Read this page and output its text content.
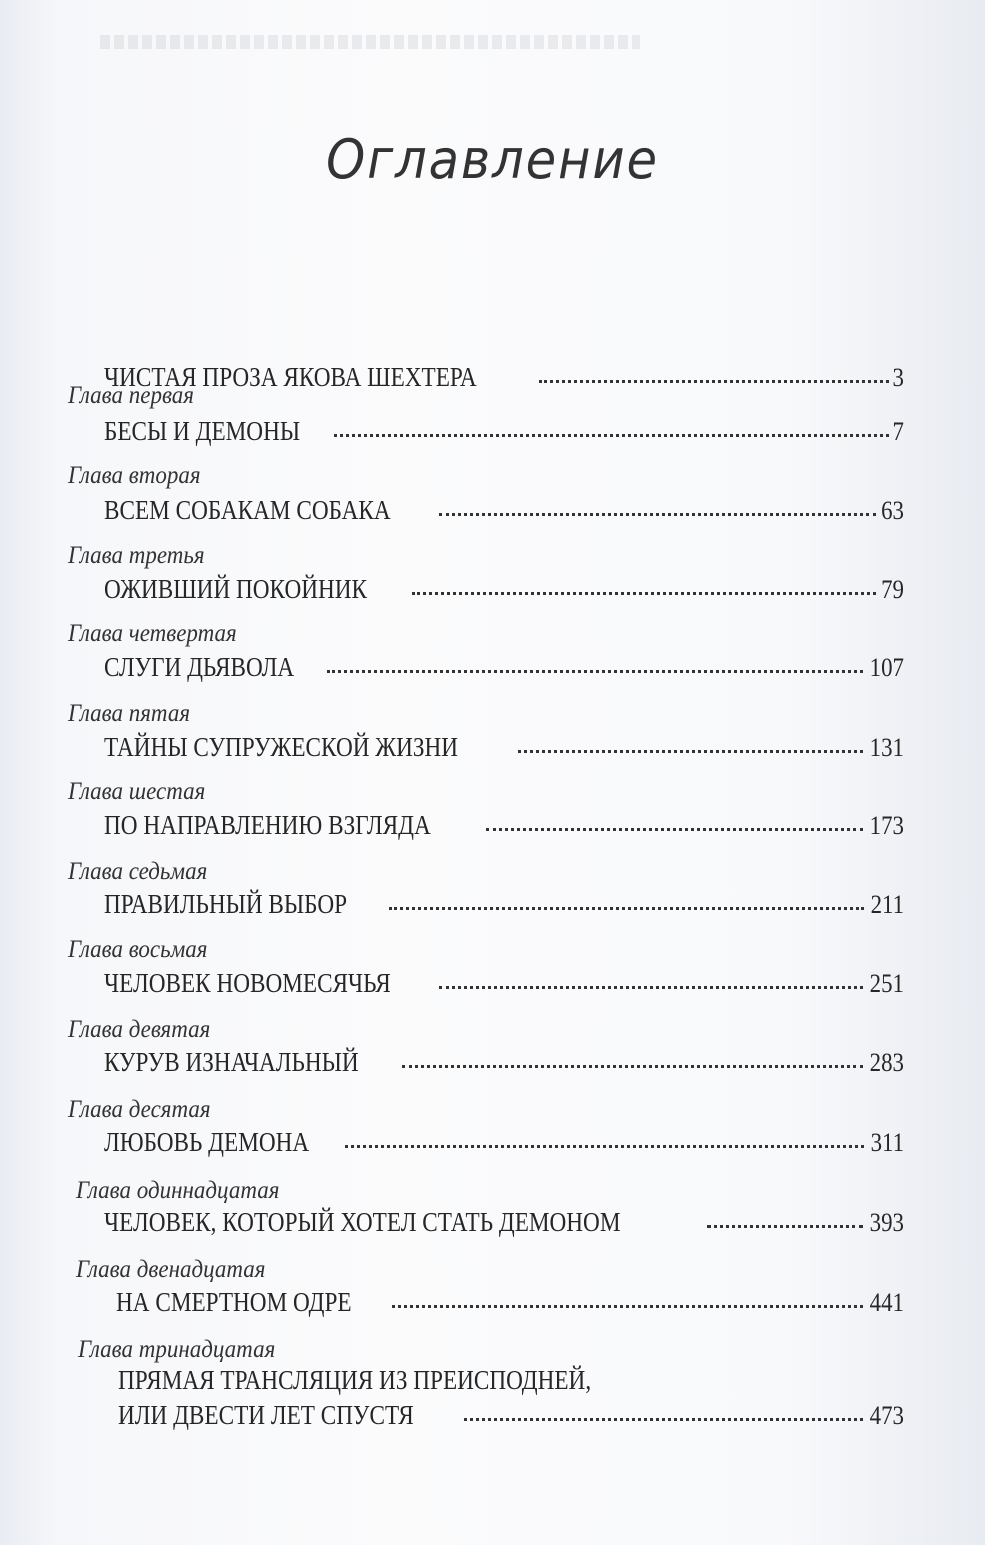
Оглавление
ЧИСТАЯ ПРОЗА ЯКОВА ШЕХТЕРА	3
Глава первая
БЕСЫ И ДЕМОНЫ	7
Глава вторая
ВСЕМ СОБАКАМ СОБАКА	63
Глава третья
ОЖИВШИЙ ПОКОЙНИК	79
Глава четвертая
СЛУГИ ДЬЯВОЛА	107
Глава пятая
ТАЙНЫ СУПРУЖЕСКОЙ ЖИЗНИ	131
Глава шестая
ПО НАПРАВЛЕНИЮ ВЗГЛЯДА	173
Глава седьмая
ПРАВИЛЬНЫЙ ВЫБОР	211
Глава восьмая
ЧЕЛОВЕК НОВОМЕСЯЧЬЯ	251
Глава девятая
КУРУВ ИЗНАЧАЛЬНЫЙ	283
Глава десятая
ЛЮБОВЬ ДЕМОНА	311
Глава одиннадцатая
ЧЕЛОВЕК, КОТОРЫЙ ХОТЕЛ СТАТЬ ДЕМОНОМ	393
Глава двенадцатая
НА СМЕРТНОМ ОДРЕ	441
Глава тринадцатая
ПРЯМАЯ ТРАНСЛЯЦИЯ ИЗ ПРЕИСПОДНЕЙ,
ИЛИ ДВЕСТИ ЛЕТ СПУСТЯ	473
